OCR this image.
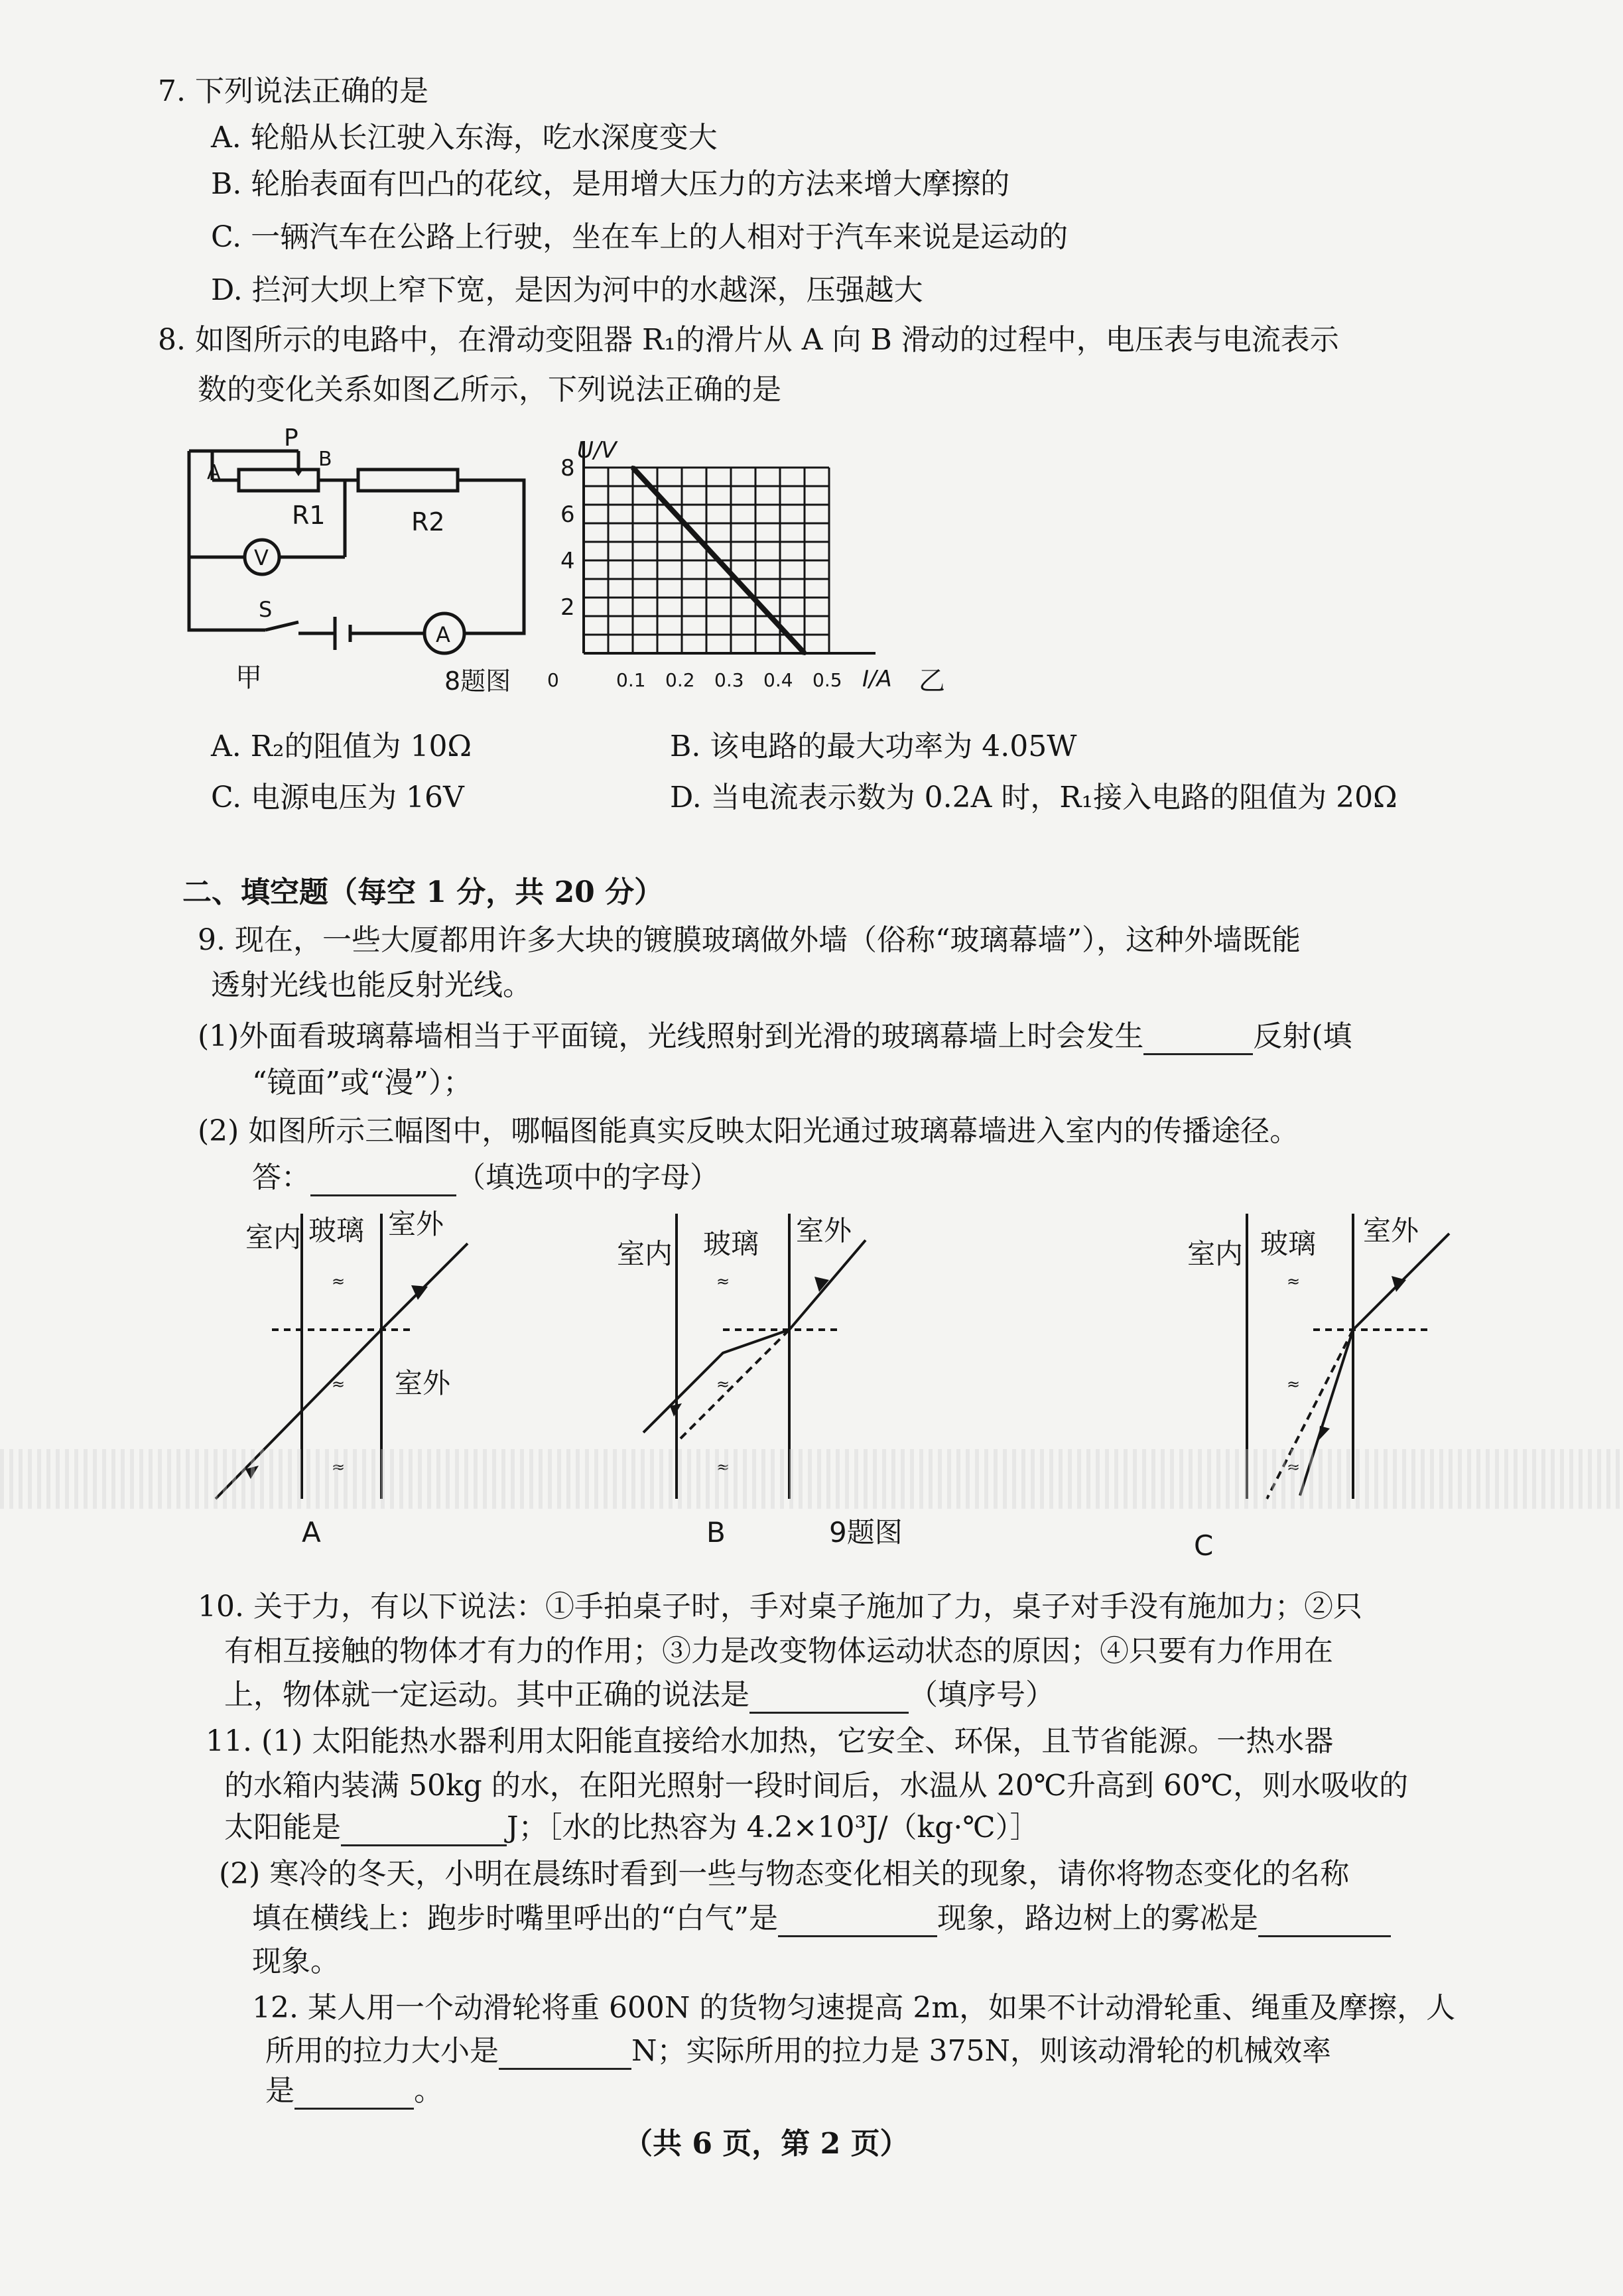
7. 下列说法正确的是
A. 轮船从长江驶入东海，吃水深度变大
B. 轮胎表面有凹凸的花纹，是用增大压力的方法来增大摩擦的
C. 一辆汽车在公路上行驶，坐在车上的人相对于汽车来说是运动的
D. 拦河大坝上窄下宽，是因为河中的水越深，压强越大
8. 如图所示的电路中，在滑动变阻器 R₁的滑片从 A 向 B 滑动的过程中，电压表与电流表示
数的变化关系如图乙所示，下列说法正确的是
P
A
B
R1	R2
V
S
A
甲	8题图
U/V
I/A 乙
2
4
6
8
0	0.1 0.2 0.3 0.4 0.5
A. R₂的阻值为 10Ω	B. 该电路的最大功率为 4.05W
C. 电源电压为 16V	D. 当电流表示数为 0.2A 时，R₁接入电路的阻值为 20Ω
二、填空题（每空 1 分，共 20 分）
9. 现在，一些大厦都用许多大块的镀膜玻璃做外墙（俗称“玻璃幕墙”），这种外墙既能
透射光线也能反射光线。
(1)外面看玻璃幕墙相当于平面镜，光线照射到光滑的玻璃幕墙上时会发生	反射(填
“镜面”或“漫”）；
(2) 如图所示三幅图中，哪幅图能真实反映太阳光通过玻璃幕墙进入室内的传播途径。
答：	（填选项中的字母）
≈
≈
≈
≈
≈
≈
≈
≈
≈
室内 玻璃 室外
室外
A
室内 玻璃 室外
B	9题图
室内 玻璃 室外
C
10. 关于力，有以下说法：①手拍桌子时，手对桌子施加了力，桌子对手没有施加力；②只
有相互接触的物体才有力的作用；③力是改变物体运动状态的原因；④只要有力作用在
上，物体就一定运动。其中正确的说法是	（填序号）
11. (1) 太阳能热水器利用太阳能直接给水加热，它安全、环保，且节省能源。一热水器
的水箱内装满 50kg 的水，在阳光照射一段时间后，水温从 20℃升高到 60℃，则水吸收的
太阳能是	J；［水的比热容为 4.2×10³J/（kg·℃）］
(2) 寒冷的冬天，小明在晨练时看到一些与物态变化相关的现象，请你将物态变化的名称
填在横线上：跑步时嘴里呼出的“白气”是	现象，路边树上的雾凇是
现象。
12. 某人用一个动滑轮将重 600N 的货物匀速提高 2m，如果不计动滑轮重、绳重及摩擦，人
所用的拉力大小是	N；实际所用的拉力是 375N，则该动滑轮的机械效率
是	。
（共 6 页，第 2 页）
